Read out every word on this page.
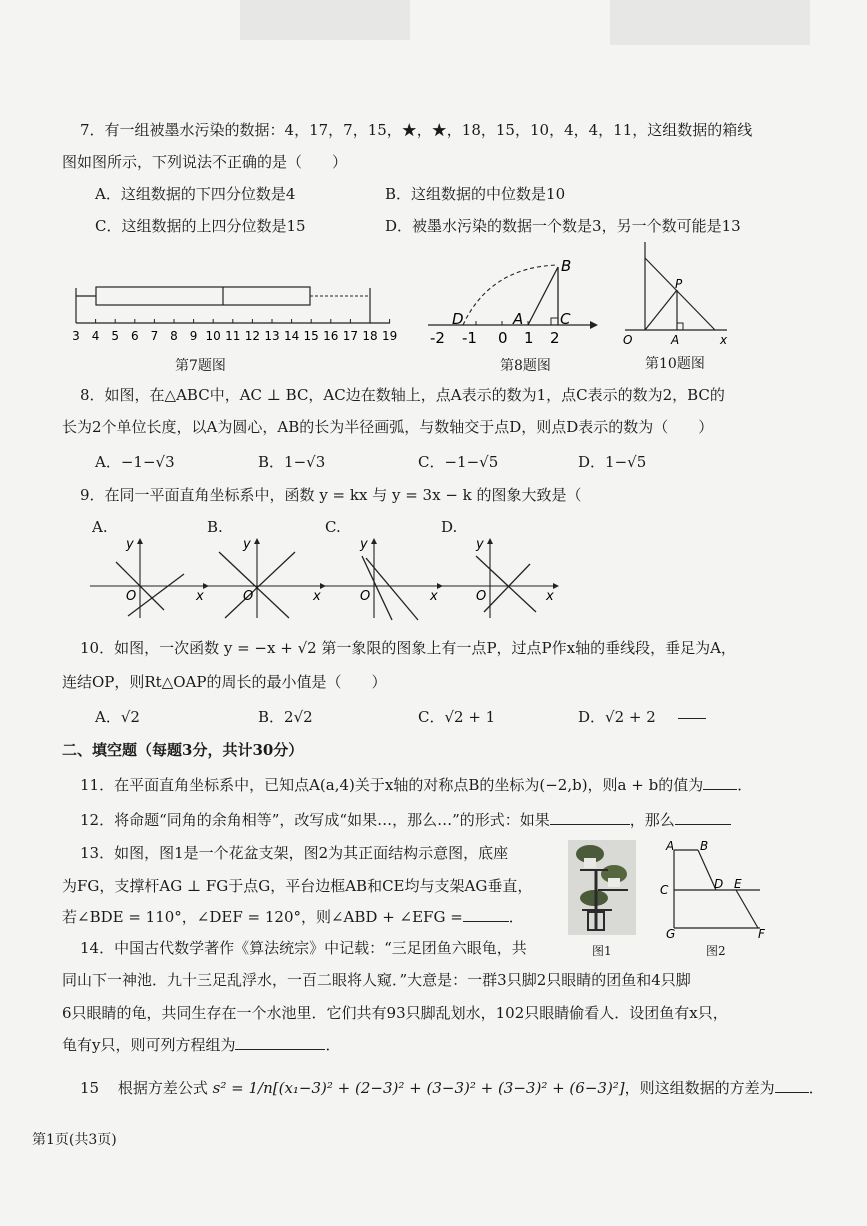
7．有一组被墨水污染的数据：4，17，7，15，★，★，18，15，10，4，4，11，这组数据的箱线
图如图所示，下列说法不正确的是（　　）
A．这组数据的下四分位数是4	B．这组数据的中位数是10
C．这组数据的上四分位数是15	D．被墨水污染的数据一个数是3，另一个数可能是13
3 4 5 6 7 8 9 10 11 12 13 14 15 16 17 18 19
第7题图
B
D	A C
-2 -1 0 1 2
第8题图
P
O	A	x
第10题图
8．如图，在△ABC中，AC ⊥ BC，AC边在数轴上，点A表示的数为1，点C表示的数为2，BC的
长为2个单位长度，以A为圆心，AB的长为半径画弧，与数轴交于点D，则点D表示的数为（　　）
A．−1−√3	B．1−√3	C．−1−√5	D．1−√5
9．在同一平面直角坐标系中，函数 y = kx 与 y = 3x − k 的图象大致是（
A.	B.	C.	D.
y
x
O
y
x
O
y
x
O
y
x
O
10．如图，一次函数 y = −x + √2 第一象限的图象上有一点P，过点P作x轴的垂线段，垂足为A，
连结OP，则Rt△OAP的周长的最小值是（　　）
A．√2	B．2√2	C．√2 + 1	D．√2 + 2
二、填空题（每题3分，共计30分）
11．在平面直角坐标系中，已知点A(a,4)关于x轴的对称点B的坐标为(−2,b)，则a + b的值为 ．
12．将命题“同角的余角相等”，改写成“如果…，那么…”的形式：如果	，那么
13．如图，图1是一个花盆支架，图2为其正面结构示意图，底座
为FG，支撑杆AG ⊥ FG于点G，平台边框AB和CE均与支架AG垂直，
若∠BDE = 110°，∠DEF = 120°，则∠ABD + ∠EFG =	．
图1
A B
C	D E
G	F
图2
14．中国古代数学著作《算法统宗》中记载：“三足团鱼六眼龟，共
同山下一神池．九十三足乱浮水，一百二眼将人窥．”大意是：一群3只脚2只眼睛的团鱼和4只脚
6只眼睛的龟，共同生存在一个水池里．它们共有93只脚乱划水，102只眼睛偷看人．设团鱼有x只，
龟有y只，则可列方程组为	．
15 根据方差公式 s² = 1/n[(x₁−3)² + (2−3)² + (3−3)² + (3−3)² + (6−3)²]，则这组数据的方差为 ．
第1页(共3页)
